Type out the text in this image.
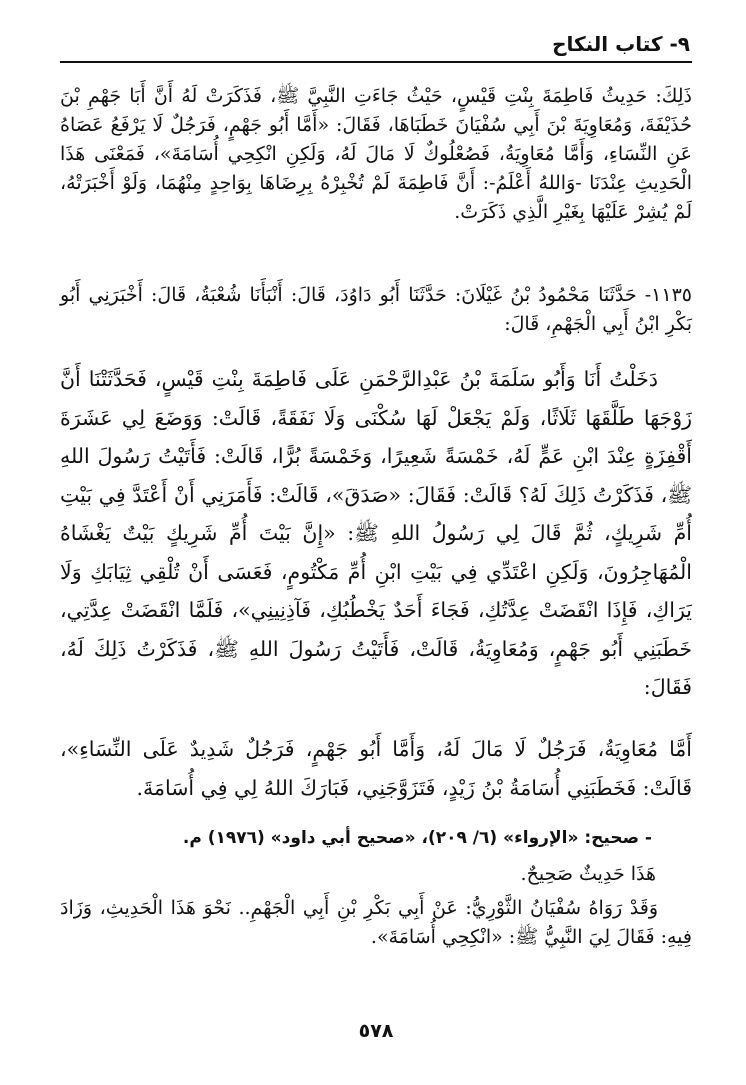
٩- كتاب النكاح

ذَلِكَ: حَدِيثُ فَاطِمَةَ بِنْتِ قَيْسٍ، حَيْثُ جَاءَتِ النَّبِيَّ ﷺ، فَذَكَرَتْ لَهُ أَنَّ أَبَا جَهْمِ بْنَ حُذَيْفَةَ، وَمُعَاوِيَةَ بْنَ أَبِي سُفْيَانَ خَطَبَاهَا، فَقَالَ: «أَمَّا أَبُو جَهْمٍ، فَرَجُلٌ لَا يَرْفَعُ عَصَاهُ عَنِ النِّسَاءِ، وَأَمَّا مُعَاوِيَةُ، فَصُعْلُوكٌ لَا مَالَ لَهُ، وَلَكِنِ انْكِحِي أُسَامَةَ»، فَمَعْنَى هَذَا الْحَدِيثِ عِنْدَنَا -وَاللهُ أَعْلَمُ-: أَنَّ فَاطِمَةَ لَمْ تُخْبِرْهُ بِرِضَاهَا بِوَاحِدٍ مِنْهُمَا، وَلَوْ أَخْبَرَتْهُ، لَمْ يُشِرْ عَلَيْهَا بِغَيْرِ الَّذِي ذَكَرَتْ.

١١٣٥- حَدَّثَنَا مَحْمُودُ بْنُ غَيْلَانَ: حَدَّثَنَا أَبُو دَاوُدَ، قَالَ: أَنْبَأَنَا شُعْبَةُ، قَالَ: أَخْبَرَنِي أَبُو بَكْرِ ابْنُ أَبِي الْجَهْمِ، قَالَ:

دَخَلْتُ أَنَا وَأَبُو سَلَمَةَ بْنُ عَبْدِالرَّحْمَنِ عَلَى فَاطِمَةَ بِنْتِ قَيْسٍ، فَحَدَّثَتْنَا أَنَّ زَوْجَهَا طَلَّقَهَا ثَلَاثًا، وَلَمْ يَجْعَلْ لَهَا سُكْنَى وَلَا نَفَقَةً، قَالَتْ: وَوَضَعَ لِي عَشَرَةَ أَقْفِزَةٍ عِنْدَ ابْنِ عَمٍّ لَهُ، خَمْسَةً شَعِيرًا، وَخَمْسَةً بُرًّا، قَالَتْ: فَأَتَيْتُ رَسُولَ اللهِ ﷺ، فَذَكَرْتُ ذَلِكَ لَهُ؟ قَالَتْ: فَقَالَ: «صَدَقَ»، قَالَتْ: فَأَمَرَنِي أَنْ أَعْتَدَّ فِي بَيْتِ أُمِّ شَرِيكٍ، ثُمَّ قَالَ لِي رَسُولُ اللهِ ﷺ: «إِنَّ بَيْتَ أُمِّ شَرِيكٍ بَيْتٌ يَغْشَاهُ الْمُهَاجِرُونَ، وَلَكِنِ اعْتَدِّي فِي بَيْتِ ابْنِ أُمِّ مَكْتُومٍ، فَعَسَى أَنْ تُلْقِي ثِيَابَكِ وَلَا يَرَاكِ، فَإِذَا انْقَضَتْ عِدَّتُكِ، فَجَاءَ أَحَدٌ يَخْطُبُكِ، فَآذِنِينِي»، فَلَمَّا انْقَضَتْ عِدَّتِي، خَطَبَنِي أَبُو جَهْمٍ، وَمُعَاوِيَةُ، قَالَتْ، فَأَتَيْتُ رَسُولَ اللهِ ﷺ، فَذَكَرْتُ ذَلِكَ لَهُ، فَقَالَ:

أَمَّا مُعَاوِيَةُ، فَرَجُلٌ لَا مَالَ لَهُ، وَأَمَّا أَبُو جَهْمٍ، فَرَجُلٌ شَدِيدٌ عَلَى النِّسَاءِ»، قَالَتْ: فَخَطَبَنِي أُسَامَةُ بْنُ زَيْدٍ، فَتَزَوَّجَنِي، فَبَارَكَ اللهُ لِي فِي أُسَامَةَ.

- صحيح: «الإرواء» (٦/ ٢٠٩)، «صحيح أبي داود» (١٩٧٦) م.

هَذَا حَدِيثٌ صَحِيحٌ.

وَقَدْ رَوَاهُ سُفْيَانُ الثَّوْرِيُّ: عَنْ أَبِي بَكْرِ بْنِ أَبِي الْجَهْمِ.. نَحْوَ هَذَا الْحَدِيثِ، وَزَادَ فِيهِ: فَقَالَ لِيَ النَّبِيُّ ﷺ: «انْكِحِي أُسَامَةَ».

٥٧٨
